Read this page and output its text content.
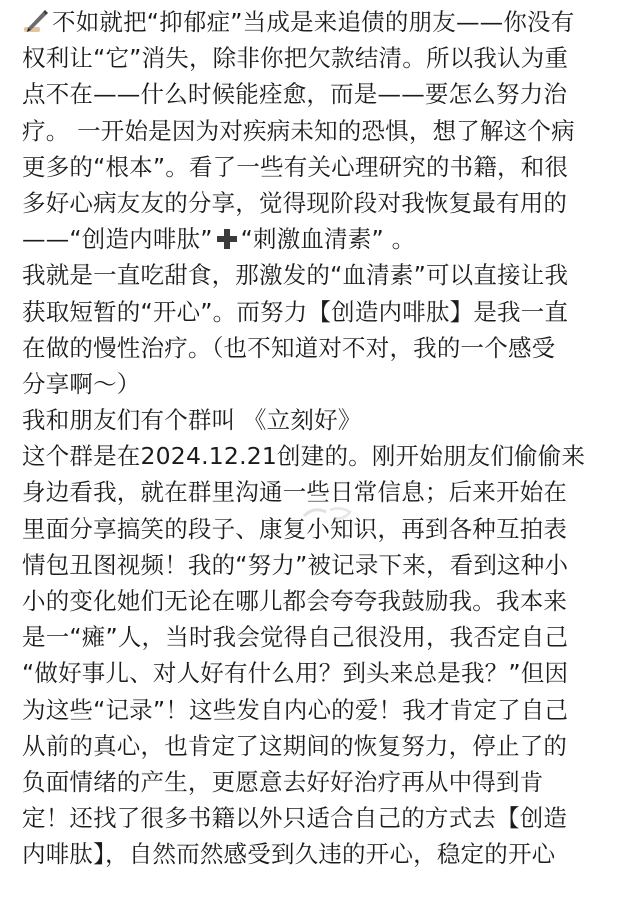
不如就把“抑郁症”当成是来追债的朋友——你没有
权利让“它”消失，除非你把欠款结清。所以我认为重
点不在——什么时候能痊愈，而是——要怎么努力治
疗。 一开始是因为对疾病未知的恐惧，想了解这个病
更多的“根本”。看了一些有关心理研究的书籍，和很
多好心病友友的分享，觉得现阶段对我恢复最有用的
——“创造内啡肽” “刺激血清素” 。
我就是一直吃甜食，那激发的“血清素”可以直接让我
获取短暂的“开心”。而努力【创造内啡肽】是我一直
在做的慢性治疗。（也不知道对不对，我的一个感受
分享啊～）
我和朋友们有个群叫 《立刻好》
这个群是在2024.12.21创建的。刚开始朋友们偷偷来
身边看我，就在群里沟通一些日常信息；后来开始在
里面分享搞笑的段子、康复小知识，再到各种互拍表
情包丑图视频！我的“努力”被记录下来，看到这种小
小的变化她们无论在哪儿都会夸夸我鼓励我。我本来
是一“瘫”人，当时我会觉得自己很没用，我否定自己
“做好事儿、对人好有什么用？到头来总是我？”但因
为这些“记录”！这些发自内心的爱！我才肯定了自己
从前的真心，也肯定了这期间的恢复努力，停止了的
负面情绪的产生，更愿意去好好治疗再从中得到肯
定！还找了很多书籍以外只适合自己的方式去【创造
内啡肽】，自然而然感受到久违的开心，稳定的开心
